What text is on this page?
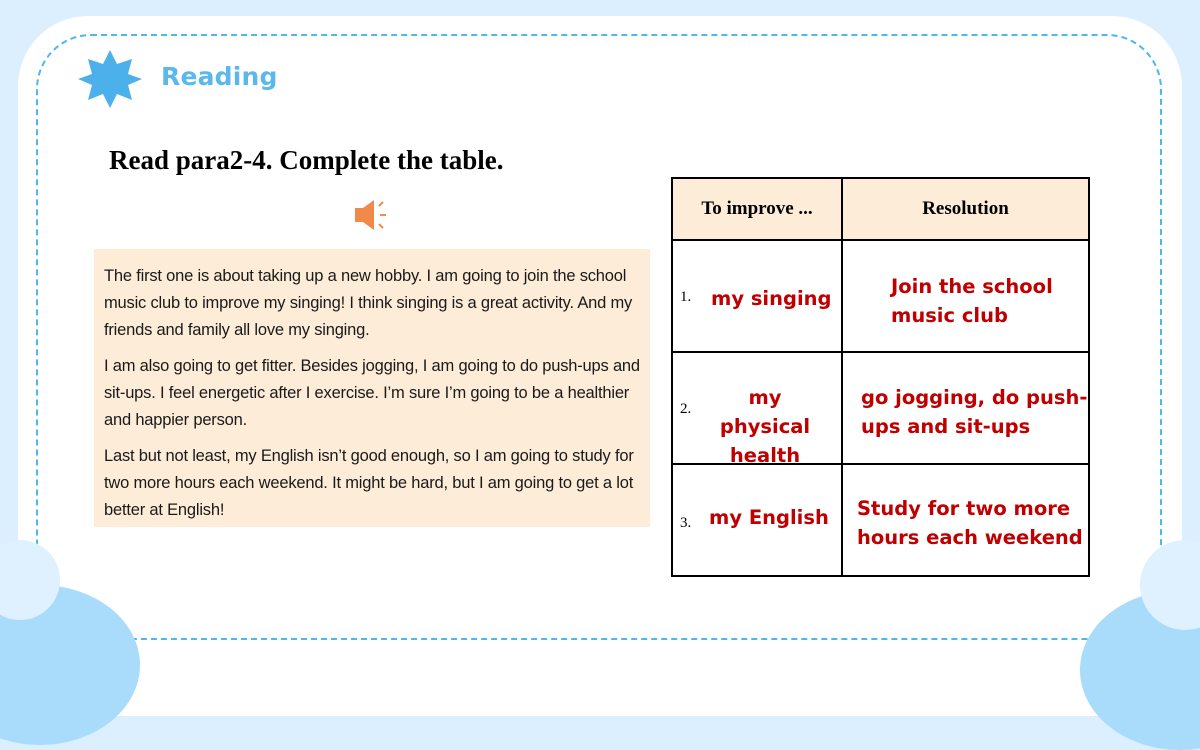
Reading
Read para2-4. Complete the table.

The first one is about taking up a new hobby. I am going to join the school music club to improve my singing! I think singing is a great activity. And my friends and family all love my singing.

I am also going to get fitter. Besides jogging, I am going to do push-ups and sit-ups. I feel energetic after I exercise. I’m sure I’m going to be a healthier and happier person.

Last but not least, my English isn’t good enough, so I am going to study for two more hours each weekend. It might be hard, but I am going to get a lot better at English!

To improve ...	Resolution

1. my singing	Join the school music club

2. my physical health	go jogging, do push-ups and sit-ups

3. my English	Study for two more hours each weekend
